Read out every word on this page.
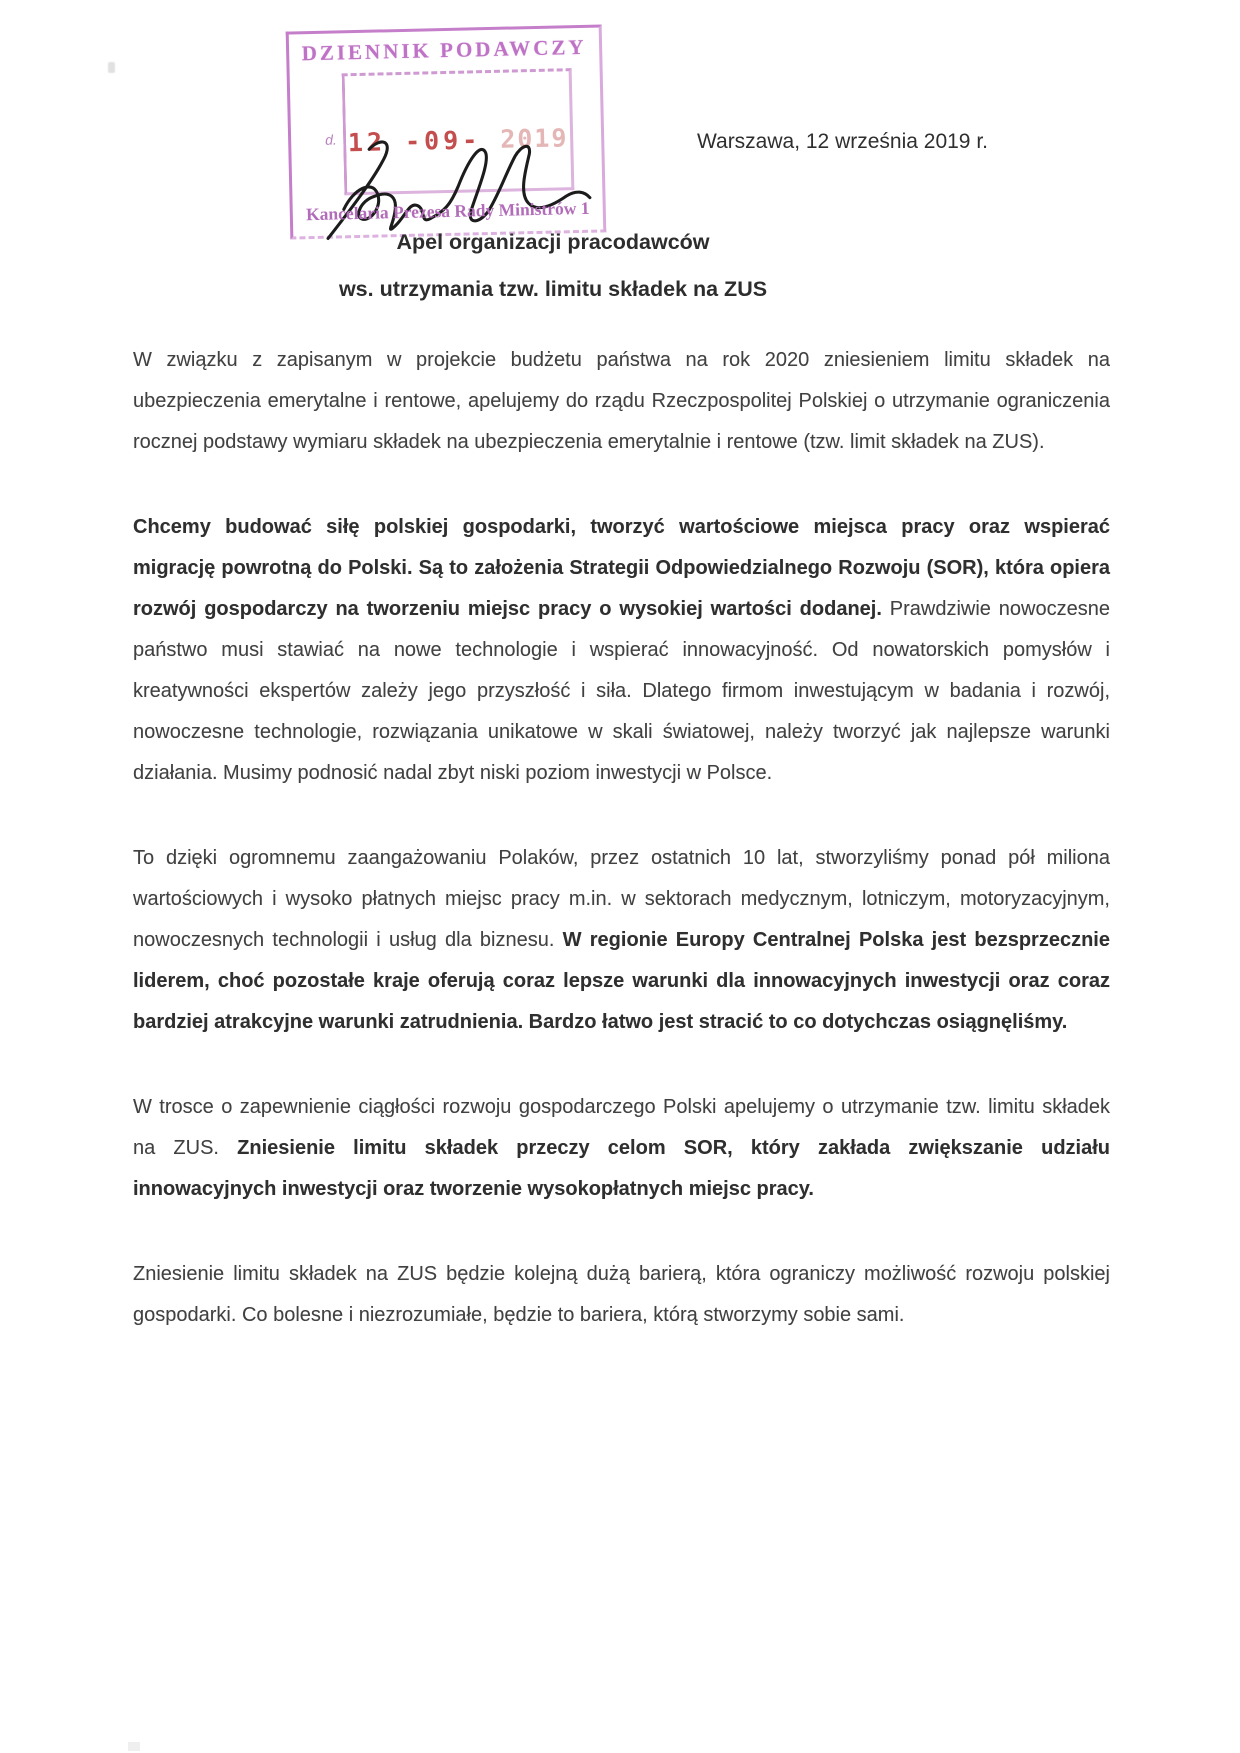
DZIENNIK PODAWCZY
d. 12 -09- 2019
Kancelaria Prezesa Rady Ministrów 1
Warszawa, 12 września 2019 r.
Apel organizacji pracodawców
ws. utrzymania tzw. limitu składek na ZUS

W związku z zapisanym w projekcie budżetu państwa na rok 2020 zniesieniem limitu składek na ubezpieczenia emerytalne i rentowe, apelujemy do rządu Rzeczpospolitej Polskiej o utrzymanie ograniczenia rocznej podstawy wymiaru składek na ubezpieczenia emerytalnie i rentowe (tzw. limit składek na ZUS).

Chcemy budować siłę polskiej gospodarki, tworzyć wartościowe miejsca pracy oraz wspierać migrację powrotną do Polski. Są to założenia Strategii Odpowiedzialnego Rozwoju (SOR), która opiera rozwój gospodarczy na tworzeniu miejsc pracy o wysokiej wartości dodanej. Prawdziwie nowoczesne państwo musi stawiać na nowe technologie i wspierać innowacyjność. Od nowatorskich pomysłów i kreatywności ekspertów zależy jego przyszłość i siła. Dlatego firmom inwestującym w badania i rozwój, nowoczesne technologie, rozwiązania unikatowe w skali światowej, należy tworzyć jak najlepsze warunki działania. Musimy podnosić nadal zbyt niski poziom inwestycji w Polsce.

To dzięki ogromnemu zaangażowaniu Polaków, przez ostatnich 10 lat, stworzyliśmy ponad pół miliona wartościowych i wysoko płatnych miejsc pracy m.in. w sektorach medycznym, lotniczym, motoryzacyjnym, nowoczesnych technologii i usług dla biznesu. W regionie Europy Centralnej Polska jest bezsprzecznie liderem, choć pozostałe kraje oferują coraz lepsze warunki dla innowacyjnych inwestycji oraz coraz bardziej atrakcyjne warunki zatrudnienia. Bardzo łatwo jest stracić to co dotychczas osiągnęliśmy.

W trosce o zapewnienie ciągłości rozwoju gospodarczego Polski apelujemy o utrzymanie tzw. limitu składek na ZUS. Zniesienie limitu składek przeczy celom SOR, który zakłada zwiększanie udziału innowacyjnych inwestycji oraz tworzenie wysokopłatnych miejsc pracy.

Zniesienie limitu składek na ZUS będzie kolejną dużą barierą, która ograniczy możliwość rozwoju polskiej gospodarki. Co bolesne i niezrozumiałe, będzie to bariera, którą stworzymy sobie sami.
